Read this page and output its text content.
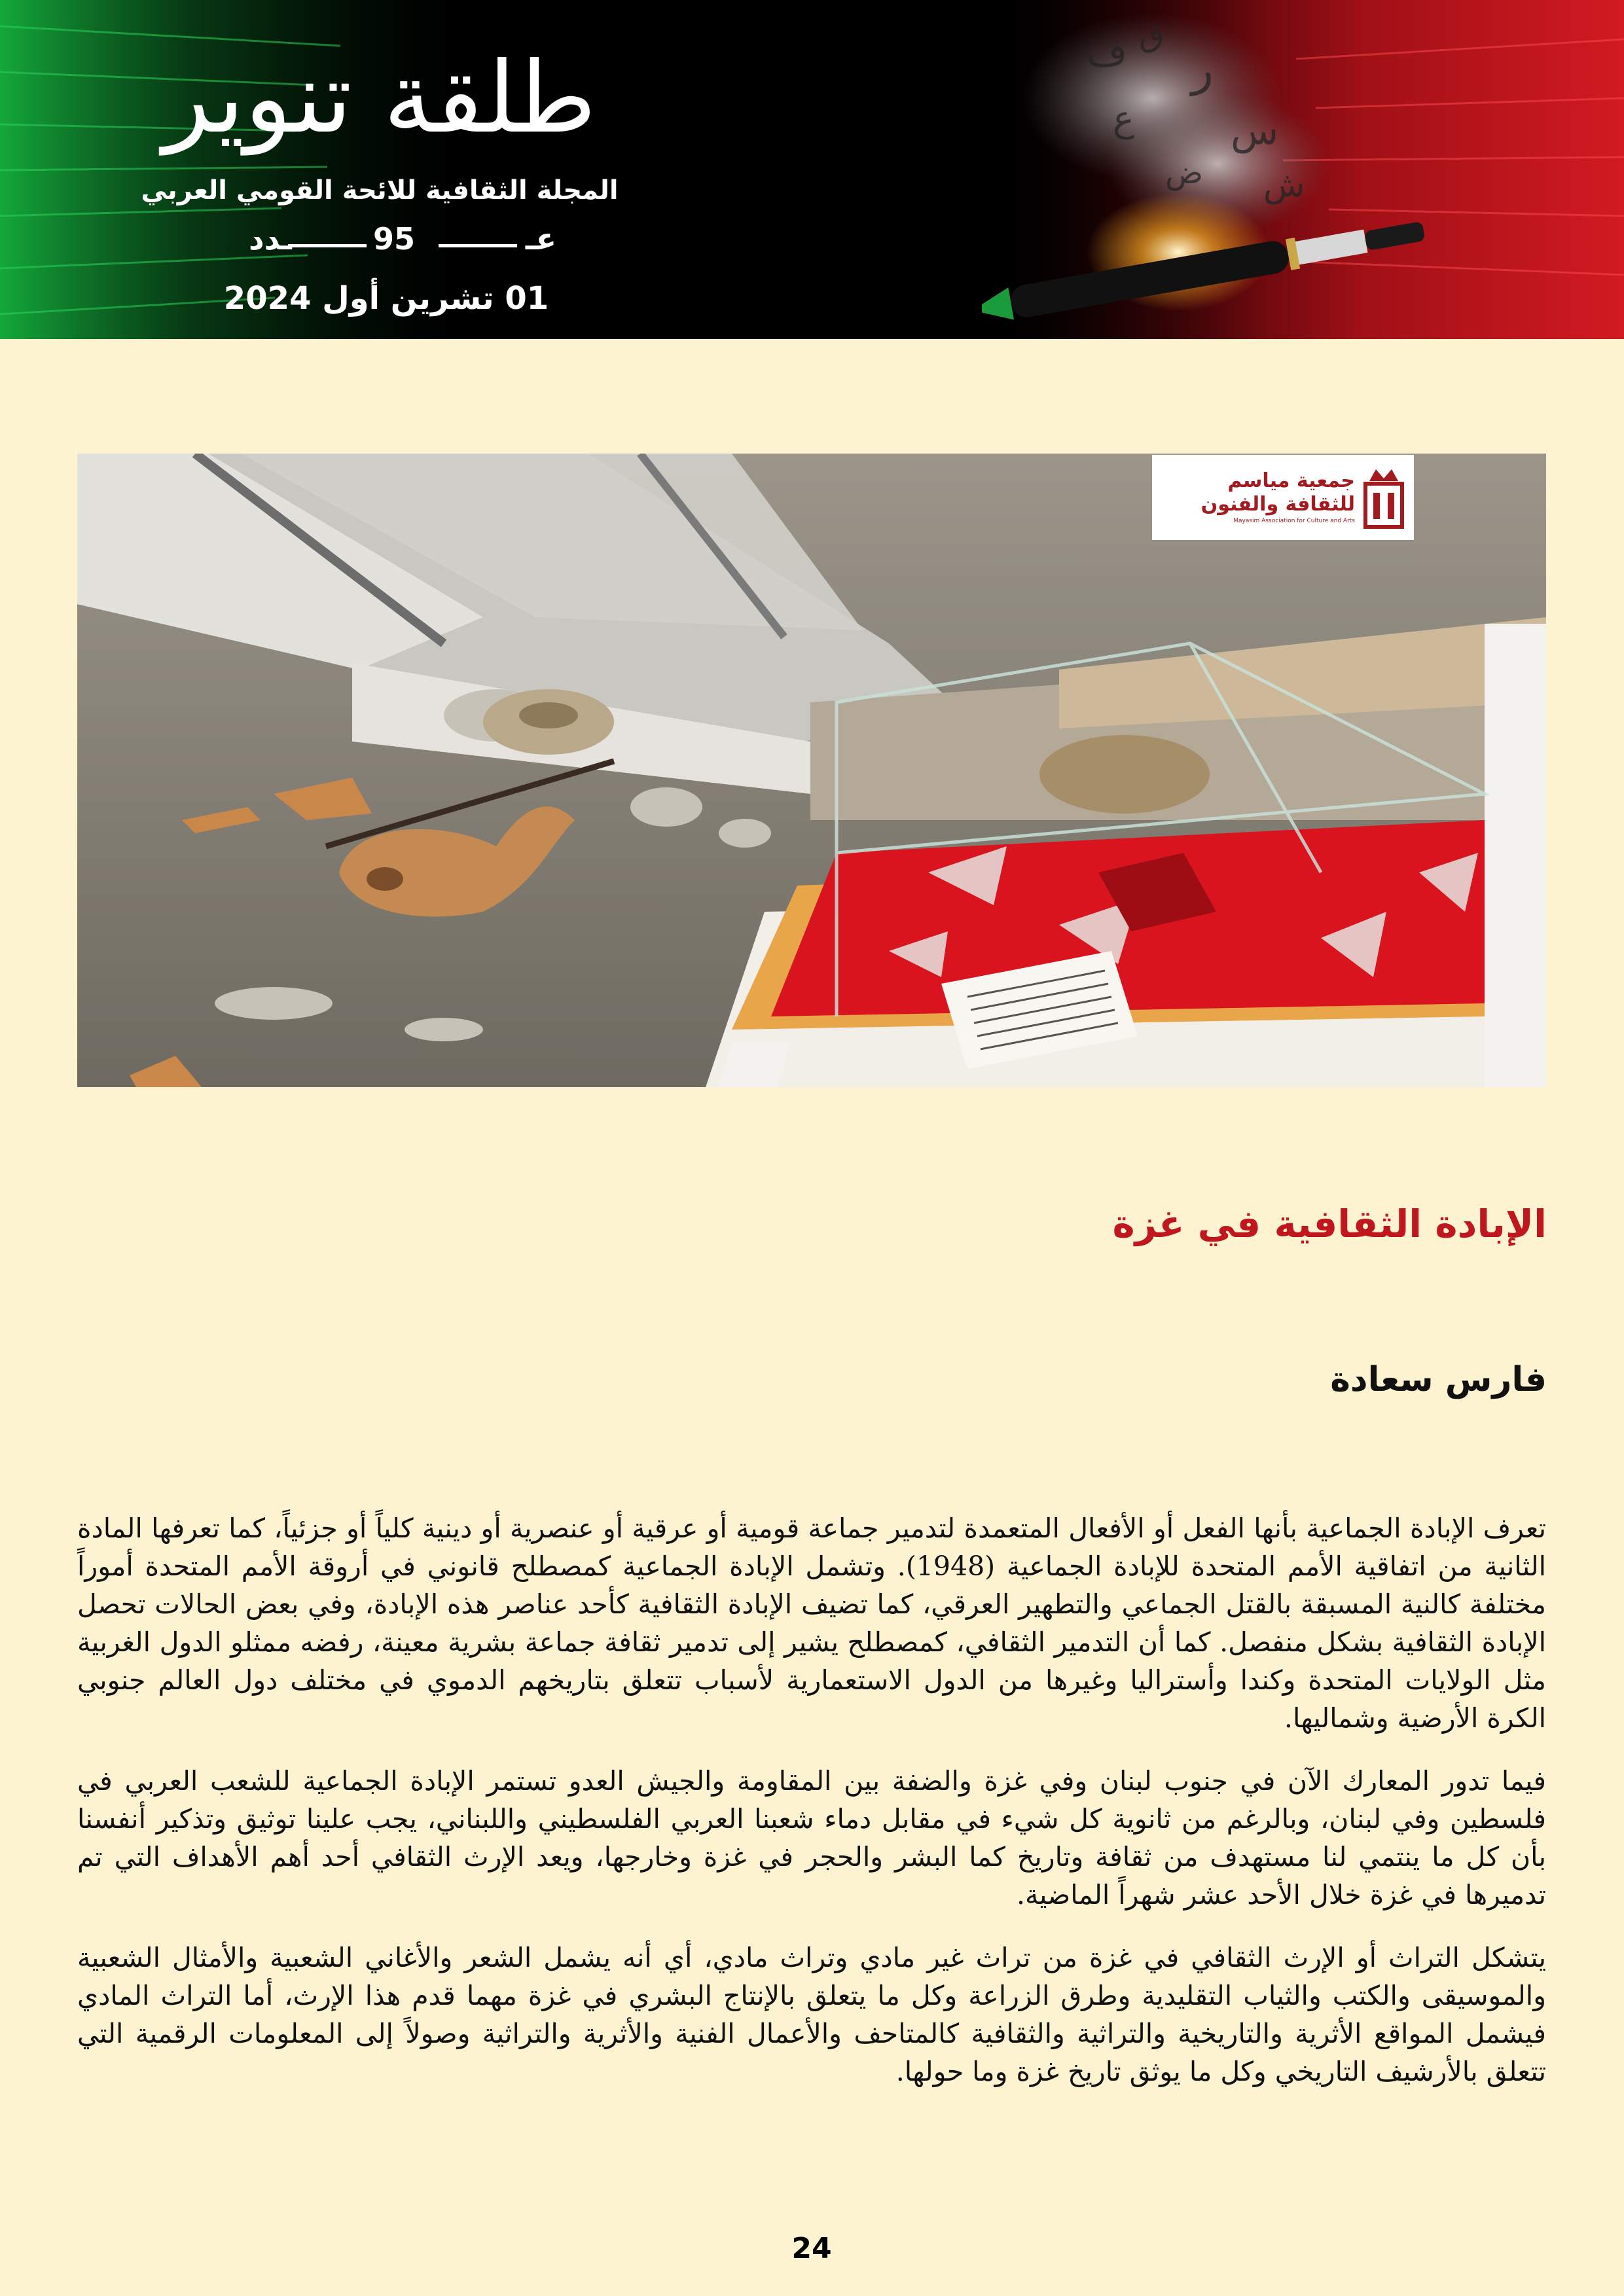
طلقة تنوير
المجلة الثقافية للائحة القومي العربي
عـ
95
ـدد
01 تشرين أول 2024
ف ق
ر
ع س
ض ش
جمعية مياسم
للثقافة والفنون
Mayasim Association for Culture and Arts
الإبادة الثقافية في غزة
فارس سعادة

تعرف الإبادة الجماعية بأنها الفعل أو الأفعال المتعمدة لتدمير جماعة قومية أو عرقية أو عنصرية أو دينية كلياً أو جزئياً، كما تعرفها المادة الثانية من اتفاقية الأمم المتحدة للإبادة الجماعية (1948). وتشمل الإبادة الجماعية كمصطلح قانوني في أروقة الأمم المتحدة أموراً مختلفة كالنية المسبقة بالقتل الجماعي والتطهير العرقي، كما تضيف الإبادة الثقافية كأحد عناصر هذه الإبادة، وفي بعض الحالات تحصل الإبادة الثقافية بشكل منفصل. كما أن التدمير الثقافي، كمصطلح يشير إلى تدمير ثقافة جماعة بشرية معينة، رفضه ممثلو الدول الغربية مثل الولايات المتحدة وكندا وأستراليا وغيرها من الدول الاستعمارية لأسباب تتعلق بتاريخهم الدموي في مختلف دول العالم جنوبي الكرة الأرضية وشماليها.

فيما تدور المعارك الآن في جنوب لبنان وفي غزة والضفة بين المقاومة والجيش العدو تستمر الإبادة الجماعية للشعب العربي في فلسطين وفي لبنان، وبالرغم من ثانوية كل شيء في مقابل دماء شعبنا العربي الفلسطيني واللبناني، يجب علينا توثيق وتذكير أنفسنا بأن كل ما ينتمي لنا مستهدف من ثقافة وتاريخ كما البشر والحجر في غزة وخارجها، ويعد الإرث الثقافي أحد أهم الأهداف التي تم تدميرها في غزة خلال الأحد عشر شهراً الماضية.

يتشكل التراث أو الإرث الثقافي في غزة من تراث غير مادي وتراث مادي، أي أنه يشمل الشعر والأغاني الشعبية والأمثال الشعبية والموسيقى والكتب والثياب التقليدية وطرق الزراعة وكل ما يتعلق بالإنتاج البشري في غزة مهما قدم هذا الإرث، أما التراث المادي فيشمل المواقع الأثرية والتاريخية والتراثية والثقافية كالمتاحف والأعمال الفنية والأثرية والتراثية وصولاً إلى المعلومات الرقمية التي تتعلق بالأرشيف التاريخي وكل ما يوثق تاريخ غزة وما حولها.

24
